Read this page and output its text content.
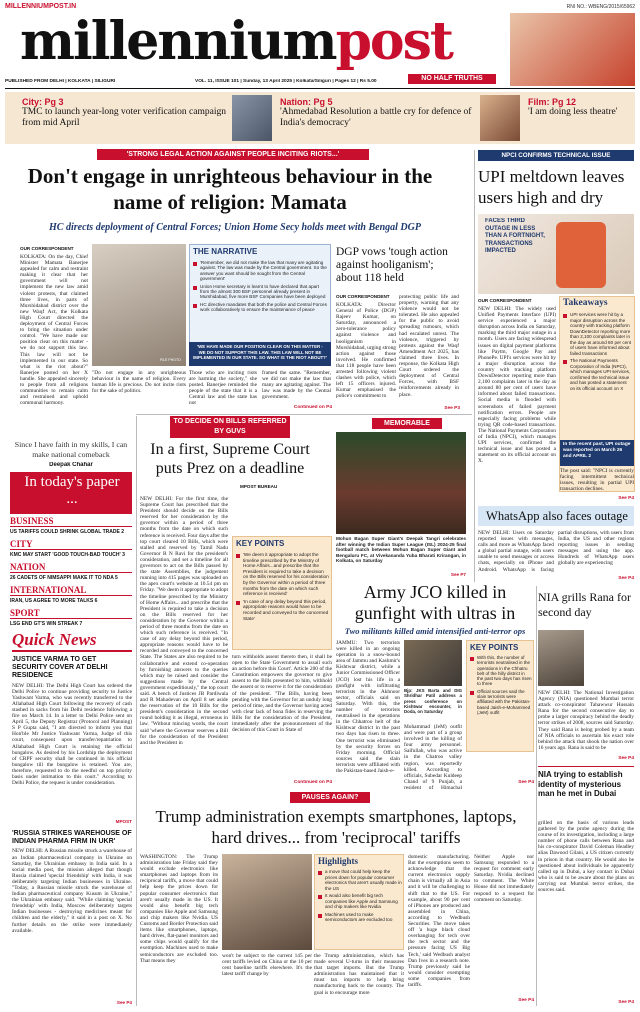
MILLENNIUMPOST.IN	RNI NO.: WBENG/2015/65962
millenniumpost
NO HALF TRUTHS
PUBLISHED FROM DELHI | KOLKATA | SILIGURI	VOL. 11, ISSUE 101 | Sunday, 13 April 2025 | Kolkata/Siliguri | Pages 12 | Rs 5.00
City: Pg 3
TMC to launch year-long voter verification campaign from mid April
Nation: Pg 5
'Ahmedabad Resolution a battle cry for defence of India's democracy'
Film: Pg 12
'I am doing less theatre'
'STRONG LEGAL ACTION AGAINST PEOPLE INCITING RIOTS...'
Don't engage in unrighteous behaviour in the name of religion: Mamata
HC directs deployment of Central Forces; Union Home Secy holds meet with Bengal DGP
OUR CORRESPONDENT
KOLKATA: On the day, Chief Minister Mamata Banerjee appealed for calm and restraint making it clear that her government will not implement the new law amid violent protests, that claimed three lives, in parts of Murshidabad district over the new Waqf Act, the Kolkata High Court directed the deployment of Central Forces to bring the situation under control. "We have made our position clear on this matter - we do not support this law. This law will not be implemented in our state. So what is the riot about?" Banerjee posted on her X handle. She appealed sincerely to people from all religions communities to remain calm and restrained and uphold communal harmony.
FILE PHOTO
"Do not engage in any unrighteous behaviour in the name of religion. Every human life is precious. Do not incite riots for the sake of politics.
THE NARRATIVE
'Remember, we did not make the law that many are agitating against. The law was made by the Central government. So the answer you want should be sought from the Central government'
Union Home secretary is learnt to have declared that apart from the almost 300 BSF personnel already present in Murshidabad, five more BSF Companies have been deployed
HC directive mandates that both the police and Central Forces work collaboratively to ensure the maintenance of peace
'WE HAVE MADE OUR POSITION CLEAR ON THIS MATTER - WE DO NOT SUPPORT THIS LAW. THIS LAW WILL NOT BE IMPLEMENTED IN OUR STATE. SO WHAT IS THE RIOT ABOUT?'
Those who are inciting riots are harming the society," she posted. Banerjee reminded the people of the state that it is a Central law and the state has not
framed the same. "Remember, we did not make the law that many are agitating against. The law was made by the Central government.
Continued on P4
DGP vows 'tough action against hooliganism'; about 118 held
OUR CORRESPONDENT
KOLKATA: Director General of Police (DGP) Rajeev Kumar, on Saturday, announced a zero-tolerance policy against violence and hooliganism in Murshidabad, urging strong action against those involved. He confirmed that 118 people have been arrested following violent clashes with police, which left 15 officers injured. Kumar emphasised the police's commitment to
protecting public life and property, warning that any violence would not be tolerated. He also appealed for the public to avoid spreading rumours, which had escalated unrest. The violence, triggered by protests against the Waqf Amendment Act 2025, has claimed three lives. In response, the Kolkata High Court ordered the deployment of Central Forces, with BSF reinforcements already in place.
See P3
Since I have faith in my skills, I can make national comeback
Deepak Chahar
In today's paper ...
BUSINESS
US TARIFFS COULD SHRINK GLOBAL TRADE 2
CITY
KMC MAY START 'GOOD TOUCH-BAD TOUCH' 3
NATION
26 CADETS OF NIMSAPPI MAKE IT TO NDA 5
INTERNATIONAL
IRAN, US AGREE TO MORE TALKS 6
SPORT
LSG END GT'S WIN STREAK 7
Quick News
JUSTICE VARMA TO GET SECURITY COVER AT DELHI RESIDENCE
NEW DELHI: The Delhi High Court has ordered the Delhi Police to continue providing security to Justice Yashwant Varma, who was recently transferred to the Allahabad High Court following the recovery of cash stashed in sacks from his Delhi residence following a fire on March 14. In a letter to Delhi Police sent on April 5, the Deputy Registrar (Protocol and Planning) S P Gupta said, "I am directed to inform you that Hon'ble Mr Justice Yashwant Varma, Judge of this court, consequent upon transfer/repatriation to Allahabad High Court is retaining the official bungalow. As desired by his Lordship the deployment of CRPF security shall be continued in his official bungalow till the bungalow is retained. You are, therefore, requested to do the needful on top priority basis under intimation to this court." According to Delhi Police, the request is under consideration.
MPOST
'RUSSIA STRIKES WAREHOUSE OF INDIAN PHARMA FIRM IN UKR'
NEW DELHI: A Russian missile struck a warehouse of an Indian pharmaceutical company in Ukraine on Saturday, the Ukrainian embassy in India said. In a social media post, the mission alleged that though Russia claimed 'special friendship' with India, it was deliberately targeting Indian businesses in Ukraine. "Today, a Russian missile struck the warehouse of Indian pharmaceutical company Kusum in Ukraine," the Ukrainian embassy said. "While claiming 'special friendship' with India, Moscow deliberately targets Indian businesses - destroying medicines meant for children and the elderly," it said in a post on X. No further details on the strike were immediately available.
See P4
TO DECIDE ON BILLS REFERRED BY GUVS
In a first, Supreme Court puts Prez on a deadline
MPOST BUREAU
NEW DELHI: For the first time, the Supreme Court has prescribed that the President should decide on the Bills reserved for her consideration by the governor within a period of three months from the date on which such reference is received. Four days after the top court cleared 10 Bills, which were stalled and reserved by Tamil Nadu Governor R N Ravi for the president's consideration, and set a timeline for all governors to act on the Bills passed by the state Assemblies, the judgement running into 415 pages was uploaded on the apex court's website at 10.54 pm on Friday. "We deem it appropriate to adopt the timeline prescribed by the Ministry of Home Affairs... and prescribe that the President is required to take a decision on the Bills reserved for her consideration by the Governor within a period of three months from the date on which such reference is received. "In case of any delay beyond this period, appropriate reasons would have to be recorded and conveyed to the concerned State. The States are also required to be collaborative and extend co-operation by furnishing answers to the queries which may be raised and consider the suggestions made by the Central government expeditiously," the top court said. A bench of Justices JB Pardiwala and R Mahadevan on April 8 set aside the reservation of the 10 Bills for the president's consideration in the second round holding it as illegal, erroneous in law. "Without mincing words, the court said 'where the Governor reserves a Bill for the consideration of the President and the President in
KEY POINTS
'We deem it appropriate to adopt the timeline prescribed by the Ministry of Home Affairs...and prescribe that the President is required to take a decision on the Bills reserved for his consideration by the Governor within a period of three months from the date on which such reference is received'
'In case of any delay beyond this period, appropriate reasons would have to be recorded and conveyed to the concerned State'
turn withholds assent thereto then, it shall be open to the State Government to assail such an action before this Court'. Article 200 of the Constitution empowers the governor to give assent to the Bills presented to him, withhold the assent or to reserve it for the consideration of the president. "The Bills, having been pending with the Governor for an unduly long period of time, and the Governor having acted with clear lack of bona fides in reserving the Bills for the consideration of the President, immediately after the pronouncement of the decision of this Court in State of
Continued on P4
MEMORABLE
Mohun Bagan Super Giant's Deepak Tangri celebrates after winning the Indian Super League (ISL) 2024-25 final football match between Mohun Bagan Super Giant and Bengaluru FC, at Vivekananda Yuba Bharati Krirangan, in Kolkata, on Saturday
See P7
Army JCO killed in gunfight with ultras in
Two militants killed amid intensified anti-terror ops
JAMMU: Two terrorists were killed in an ongoing operation in a snow-bound area of Jammu and Kashmir's Kishtwar district, while a Junior Commissioned Officer (JCO) lost his life in a gunfight with infiltrating terrorists in the Akhnoor sector, officials said on Saturday. With this, the number of terrorists neutralised in the operations in the Chhatroo belt of the Kishtwar district in the past two days has risen to three. One terrorist was eliminated by the security forces on Friday morning. Official sources said the slain terrorists were affiliated with the Pakistan-based Jaish-e-
Bjp: JKS Barta and DIG Shridhar Patil address a press conference on Kishtwar encounter, in Doda, on Saturday
Mohammad (JeM) outfit and were part of a group involved in the killing of four army personnel. Saifullah, who was active in the Chatroo valley region, was reportedly killed. According to officials, Subedar Kuldeep Chand of 9 Punjab, a resident of Himachal
KEY POINTS
With this, the number of terrorists neutralised in the operations in the Chhatru belt of the hilly district in the past two days has risen to three
Official sources said the slain terrorists were affiliated with the Pakistan-based Jaish-e-Mohammed (JeM) outfit
See P4
NPCI CONFIRMS TECHNICAL ISSUE
UPI meltdown leaves users high and dry
FACES THIRD OUTAGE IN LESS THAN A FORTNIGHT, TRANSACTIONS IMPACTED
OUR CORRESPONDENT
NEW DELHI: The widely used Unified Payments Interface (UPI) service experienced a major disruption across India on Saturday, marking the third major outage in a month. Users are facing widespread issues on digital payment platforms like Paytm, Google Pay and PhonePe. UPI's services were hit by a major disruption across the country with tracking platform DownDetector reporting more than 2,100 complaints later in the day as around 80 per cent of users have informed about failed transactions. Social media is flooded with screenshots of failed payment notification errors. People are especially facing problems while trying QR code-based transactions. The National Payments Corporation of India (NPCI), which manages UPI services, confirmed the technical issue and has posted a statement on its official account on X.
Takeaways
UPI services were hit by a major disruption across the country with tracking platform DownDetector reporting more than 2,100 complaints later in the day as around 80 per cent of users have informed about failed transactions
The National Payments Corporation of India (NPCI), which manages UPI services, confirmed the technical issue and has posted a statement on its official account on X
In the recent past, UPI outage was reported on March 26 and APRIL 2
The post said: "NPCI is currently facing intermittent technical issues, resulting in partial UPI transaction declines.
See P4
WhatsApp also faces outage
NEW DELHI: Users on Saturday reported issues with messages, calls and more as WhatsApp faced a global partial outage, with users unable to send messages or access chats, especially on iPhone and Android. WhatsApp is facing partial disruptions, with users from India, the US and other regions reporting issues in sending messages and using the app. Hundreds of WhatsApp users globally are experiencing
See P4
NIA grills Rana for second day
NEW DELHI: The National Investigation Agency (NIA) questioned Mumbai terror attack co-conspirator Tahawwur Hussain Rana for the second consecutive day to probe a larger conspiracy behind the deadly terror strikes of 2008, sources said Saturday. They said Rana is being probed by a team of NIA officials to ascertain his exact role behind the attack that shook the nation over 16 years ago. Rana is said to be
See P4
NIA trying to establish identity of mysterious man he met in Dubai
grilled on the basis of various leads gathered by the probe agency during the course of its investigation, including a large number of phone calls between Rana and his co-conspirator David Coleman Headley alias Dawood Gilani, a US citizen currently in prison in that country. He would also be questioned about individuals he apparently called up in Dubai, a key contact in Dubai who is said to be aware about the plans on carrying out Mumbai terror strikes, the sources said.
See P4
PAUSES AGAIN?
Trump administration exempts smartphones, laptops, hard drives... from 'reciprocal' tariffs
WASHINGTON: The Trump administration late Friday said they would exclude electronics like smartphones and laptops from its reciprocal tariffs, a move that could help keep the prices down for popular consumer electronics that aren't usually made in the US. It would also benefit big tech companies like Apple and Samsung and chip makers like Nvidia. US Customs and Border Protection said items like smartphones, laptops, hard drives, flat-panel monitors and some chips would qualify for the exemption. Machines used to make semiconductors are excluded too. That means they
Highlights
a move that could help keep the prices down for popular consumer electronics that aren't usually made in the US
It would also benefit big tech companies like Apple and Samsung and chip makers like Nvidia
Machines used to make semiconductors are excluded too
won't be subject to the current 145 per cent tariffs levied on China or the 10 per cent baseline tariffs elsewhere. It's the latest tariff change by
the Trump administration, which has made several U-turns in their measures that target imports. But the Trump administration has maintained that it must tax imports to help bring manufacturing back to the country. The goal is to encourage more
domestic manufacturing. But the exemptions seem to acknowledge that the current electronics supply chain is virtually all in Asia and it will be challenging to shift that to the US. For example, about 90 per cent of iPhones are produced and assembled in China, according to Wedbush Securities. The move takes off 'a huge black cloud overhanging for tech over the tech sector and the pressure facing US Big Tech,' said Wedbush analyst Dan Ives in a research note. Trump previously said he would consider exempting some companies from tariffs.
Neither Apple nor Samsung responded to a request for comment early Saturday. Nvidia declined to comment. The White House did not immediately respond to a request for comment on Saturday.
See P4
